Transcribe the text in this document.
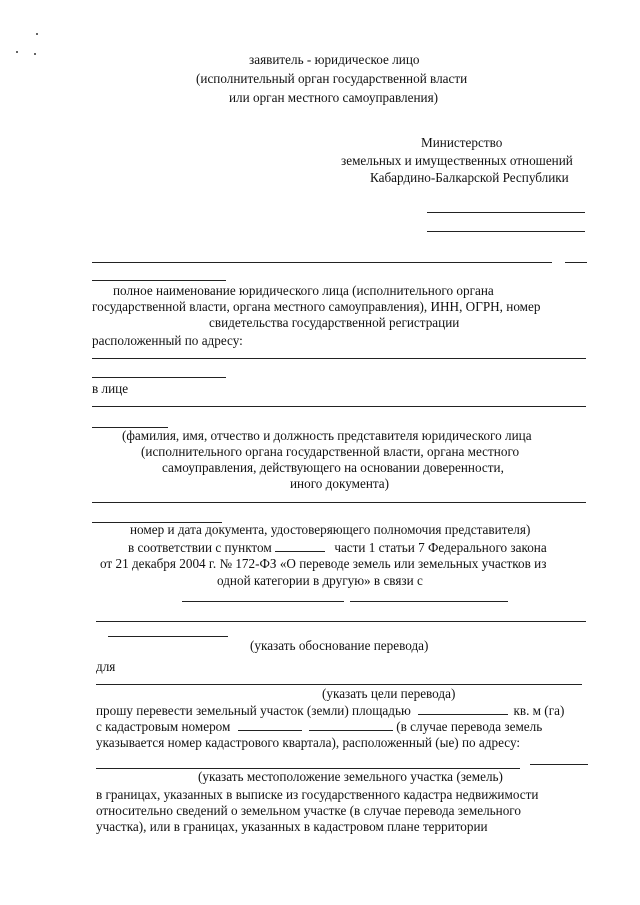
заявитель - юридическое лицо
(исполнительный орган государственной власти
или орган местного самоуправления)
Министерство
земельных и имущественных отношений
Кабардино-Балкарской Республики
полное наименование юридического лица (исполнительного органа
государственной власти, органа местного самоуправления), ИНН, ОГРН, номер
свидетельства государственной регистрации
расположенный по адресу:
в лице
(фамилия, имя, отчество и должность представителя юридического лица
(исполнительного органа государственной власти, органа местного
самоуправления, действующего на основании доверенности,
иного документа)
номер и дата документа, удостоверяющего полномочия представителя)
в соответствии с пунктом	части 1 статьи 7 Федерального закона
от 21 декабря 2004 г. № 172-ФЗ «О переводе земель или земельных участков из
одной категории в другую» в связи с
(указать обоснование перевода)
для
(указать цели перевода)
прошу перевести земельный участок (земли) площадью	кв. м (га)
с кадастровым номером	(в случае перевода земель
указывается номер кадастрового квартала), расположенный (ые) по адресу:
(указать местоположение земельного участка (земель)
в границах, указанных в выписке из государственного кадастра недвижимости
относительно сведений о земельном участке (в случае перевода земельного
участка), или в границах, указанных в кадастровом плане территории
